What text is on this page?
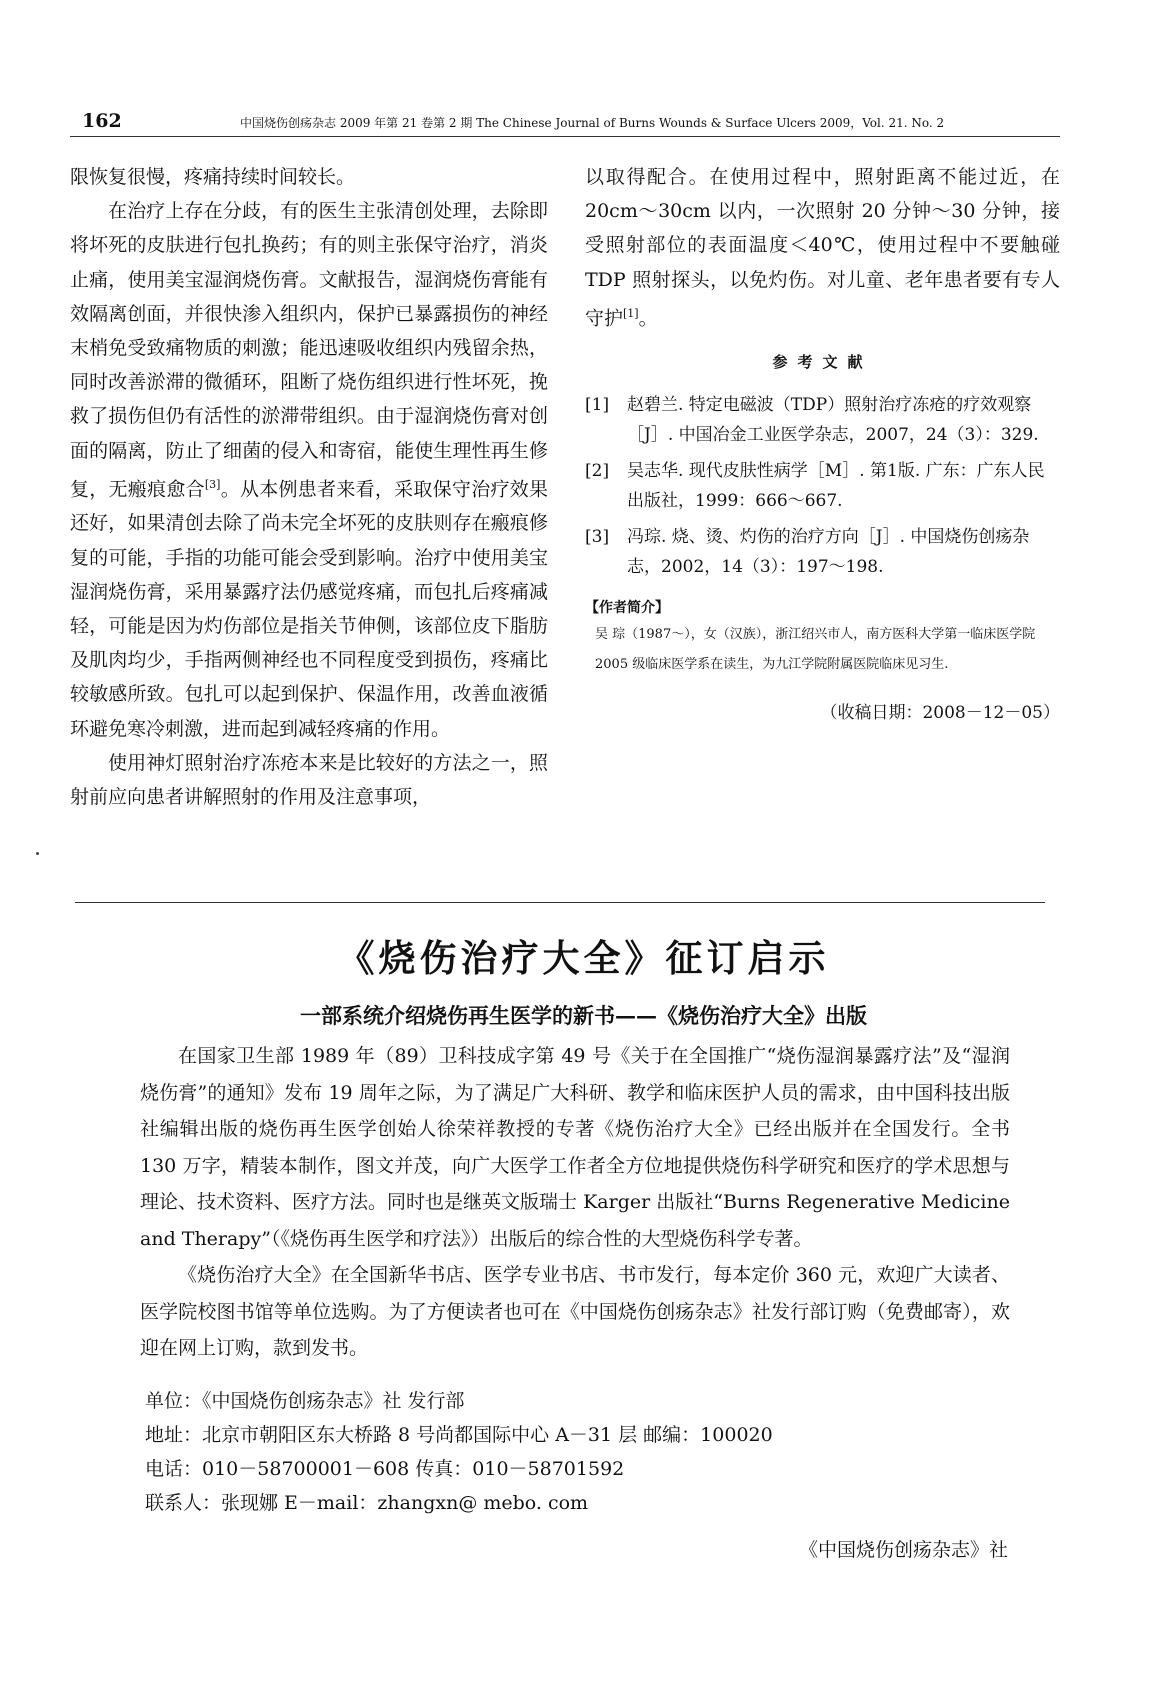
162	中国烧伤创疡杂志 2009 年第 21 卷第 2 期 The Chinese Journal of Burns Wounds & Surface Ulcers 2009，Vol. 21. No. 2

限恢复很慢，疼痛持续时间较长。

在治疗上存在分歧，有的医生主张清创处理，去除即将坏死的皮肤进行包扎换药；有的则主张保守治疗，消炎止痛，使用美宝湿润烧伤膏。文献报告，湿润烧伤膏能有效隔离创面，并很快渗入组织内，保护已暴露损伤的神经末梢免受致痛物质的刺激；能迅速吸收组织内残留余热，同时改善淤滞的微循环，阻断了烧伤组织进行性坏死，挽救了损伤但仍有活性的淤滞带组织。由于湿润烧伤膏对创面的隔离，防止了细菌的侵入和寄宿，能使生理性再生修复，无瘢痕愈合[3]。从本例患者来看，采取保守治疗效果还好，如果清创去除了尚未完全坏死的皮肤则存在瘢痕修复的可能，手指的功能可能会受到影响。治疗中使用美宝湿润烧伤膏，采用暴露疗法仍感觉疼痛，而包扎后疼痛减轻，可能是因为灼伤部位是指关节伸侧，该部位皮下脂肪及肌肉均少，手指两侧神经也不同程度受到损伤，疼痛比较敏感所致。包扎可以起到保护、保温作用，改善血液循环避免寒冷刺激，进而起到减轻疼痛的作用。

使用神灯照射治疗冻疮本来是比较好的方法之一，照射前应向患者讲解照射的作用及注意事项，

以取得配合。在使用过程中，照射距离不能过近，在 20cm～30cm 以内，一次照射 20 分钟～30 分钟，接受照射部位的表面温度＜40℃，使用过程中不要触碰 TDP 照射探头，以免灼伤。对儿童、老年患者要有专人守护[1]。

参考文献
[1] 赵碧兰. 特定电磁波（TDP）照射治疗冻疮的疗效观察［J］. 中国冶金工业医学杂志，2007，24（3）：329.
[2] 吴志华. 现代皮肤性病学［M］. 第1版. 广东：广东人民出版社，1999：666～667.
[3] 冯琮. 烧、烫、灼伤的治疗方向［J］. 中国烧伤创疡杂志，2002，14（3）：197～198.
【作者简介】
吴 琮（1987～），女（汉族），浙江绍兴市人，南方医科大学第一临床医学院 2005 级临床医学系在读生，为九江学院附属医院临床见习生.
（收稿日期：2008－12－05）
《烧伤治疗大全》征订启示
一部系统介绍烧伤再生医学的新书——《烧伤治疗大全》出版

在国家卫生部 1989 年（89）卫科技成字第 49 号《关于在全国推广“烧伤湿润暴露疗法”及“湿润烧伤膏”的通知》发布 19 周年之际，为了满足广大科研、教学和临床医护人员的需求，由中国科技出版社编辑出版的烧伤再生医学创始人徐荣祥教授的专著《烧伤治疗大全》已经出版并在全国发行。全书 130 万字，精装本制作，图文并茂，向广大医学工作者全方位地提供烧伤科学研究和医疗的学术思想与理论、技术资料、医疗方法。同时也是继英文版瑞士 Karger 出版社“Burns Regenerative Medicine and Therapy”（《烧伤再生医学和疗法》）出版后的综合性的大型烧伤科学专著。

《烧伤治疗大全》在全国新华书店、医学专业书店、书市发行，每本定价 360 元，欢迎广大读者、医学院校图书馆等单位选购。为了方便读者也可在《中国烧伤创疡杂志》社发行部订购（免费邮寄），欢迎在网上订购，款到发书。

单位：《中国烧伤创疡杂志》社 发行部
地址：北京市朝阳区东大桥路 8 号尚都国际中心 A－31 层 邮编：100020
电话：010－58700001－608 传真：010－58701592
联系人：张现娜 E－mail：zhangxn@ mebo. com
《中国烧伤创疡杂志》社
